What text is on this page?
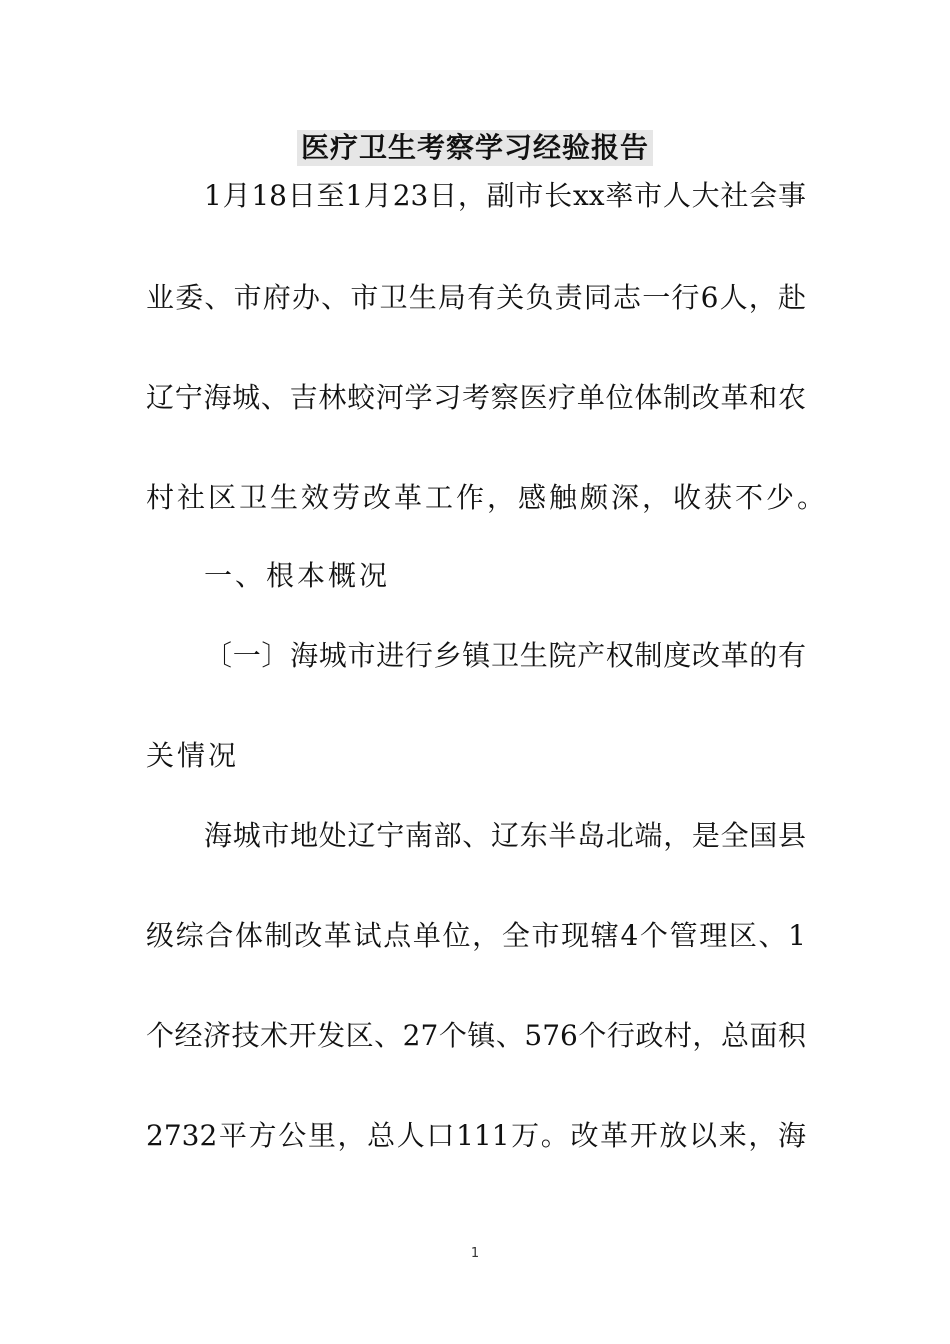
医疗卫生考察学习经验报告
1月18日至1月23日，副市长xx率市人大社会事
业委、市府办、市卫生局有关负责同志一行6人，赴
辽宁海城、吉林蛟河学习考察医疗单位体制改革和农
村社区卫生效劳改革工作，感触颇深，收获不少。
一、根本概况
〔一〕海城市进行乡镇卫生院产权制度改革的有
关情况
海城市地处辽宁南部、辽东半岛北端，是全国县
级综合体制改革试点单位，全市现辖4个管理区、1
个经济技术开发区、27个镇、576个行政村，总面积
2732平方公里，总人口111万。改革开放以来，海
1
